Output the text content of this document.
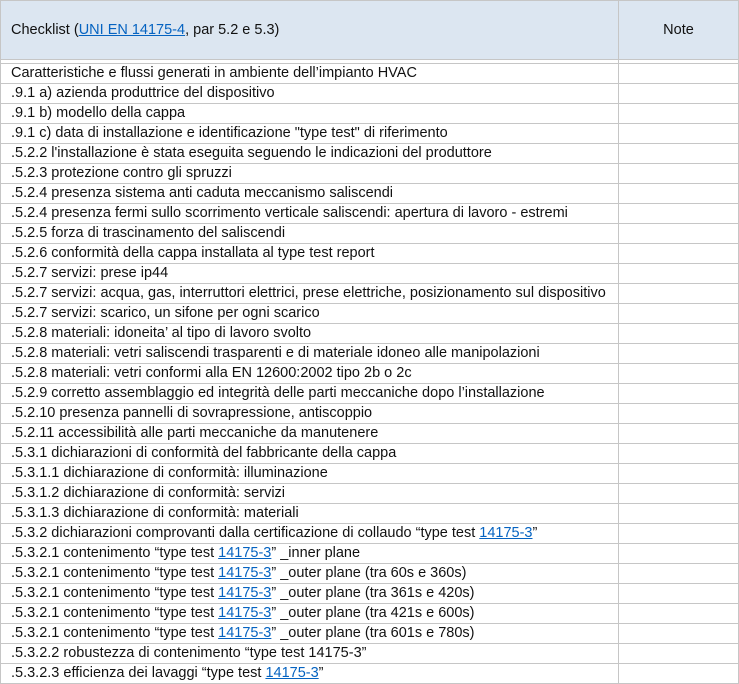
Checklist (UNI EN 14175-4, par 5.2 e 5.3)	Note

Caratteristiche e flussi generati in ambiente dell’impianto HVAC	
.9.1 a) azienda produttrice del dispositivo	
.9.1 b) modello della cappa	
.9.1 c) data di installazione e identificazione "type test" di riferimento	
.5.2.2 l'installazione è stata eseguita seguendo le indicazioni del produttore	
.5.2.3 protezione contro gli spruzzi	
.5.2.4 presenza sistema anti caduta meccanismo saliscendi	
.5.2.4 presenza fermi sullo scorrimento verticale saliscendi: apertura di lavoro - estremi	
.5.2.5 forza di trascinamento del saliscendi	
.5.2.6 conformità della cappa installata al type test report	
.5.2.7 servizi: prese ip44	
.5.2.7 servizi: acqua, gas, interruttori elettrici, prese elettriche, posizionamento sul dispositivo	
.5.2.7 servizi: scarico, un sifone per ogni scarico	
.5.2.8 materiali: idoneita’ al tipo di lavoro svolto	
.5.2.8 materiali: vetri saliscendi trasparenti e di materiale idoneo alle manipolazioni	
.5.2.8 materiali: vetri conformi alla EN 12600:2002 tipo 2b o 2c	
.5.2.9 corretto assemblaggio ed integrità delle parti meccaniche dopo l’installazione	
.5.2.10 presenza pannelli di sovrapressione, antiscoppio	
.5.2.11 accessibilità alle parti meccaniche da manutenere	
.5.3.1 dichiarazioni di conformità del fabbricante della cappa	
.5.3.1.1 dichiarazione di conformità: illuminazione	
.5.3.1.2 dichiarazione di conformità: servizi	
.5.3.1.3 dichiarazione di conformità: materiali	
.5.3.2 dichiarazioni comprovanti dalla certificazione di collaudo “type test 14175-3”	
.5.3.2.1 contenimento “type test 14175-3” _inner plane	
.5.3.2.1 contenimento “type test 14175-3” _outer plane (tra 60s e 360s)	
.5.3.2.1 contenimento “type test 14175-3” _outer plane (tra 361s e 420s)	
.5.3.2.1 contenimento “type test 14175-3” _outer plane (tra 421s e 600s)	
.5.3.2.1 contenimento “type test 14175-3” _outer plane (tra 601s e 780s)	
.5.3.2.2 robustezza di contenimento “type test 14175-3”	
.5.3.2.3 efficienza dei lavaggi “type test 14175-3”	
